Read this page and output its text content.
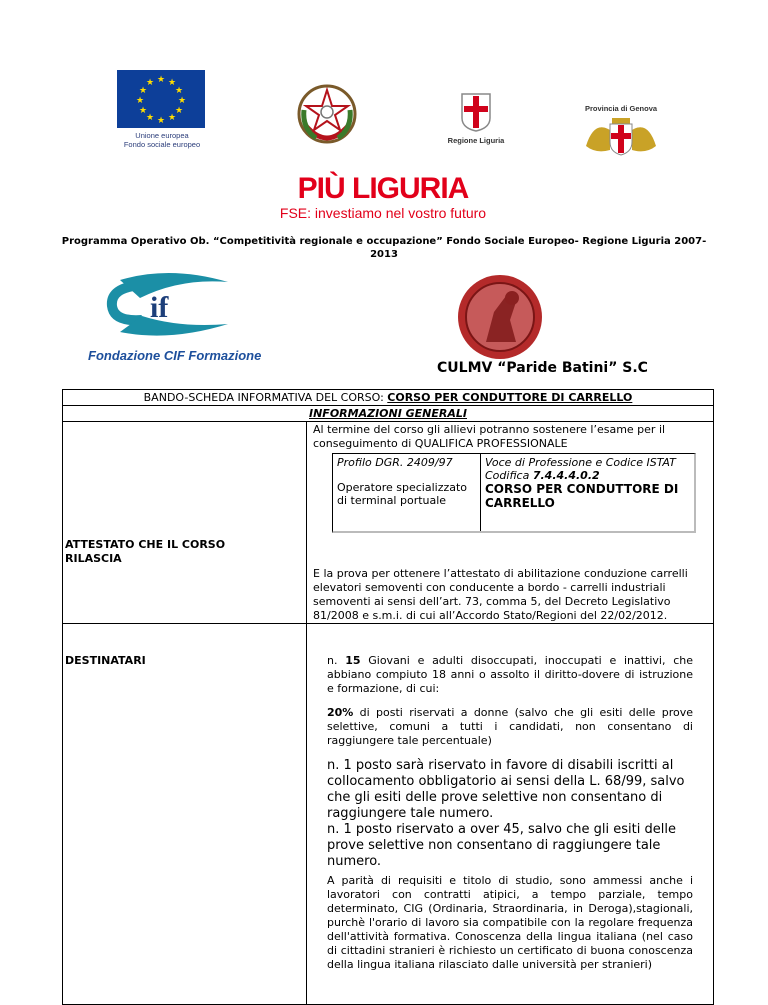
★ ★
★
★
★
★
★
★
★
★
★
★
Unione europea
Fondo sociale europeo	Regione Liguria
Provincia di Genova
PIÙ LIGURIA
FSE: investiamo nel vostro futuro
Programma Operativo Ob. “Competitività regionale e occupazione” Fondo Sociale Europeo- Regione Liguria 2007-2013
if
Fondazione CIF Formazione
CULMV “Paride Batini” S.C
BANDO-SCHEDA INFORMATIVA DEL CORSO: CORSO PER CONDUTTORE DI CARRELLO
INFORMAZIONI GENERALI
ATTESTATO CHE IL CORSO RILASCIA
Al termine del corso gli allievi potranno sostenere l’esame per il conseguimento di QUALIFICA PROFESSIONALE
Profilo DGR. 2409/97
Operatore specializzato di terminal portuale
Voce di Professione e Codice ISTAT
Codifica 7.4.4.4.0.2
CORSO PER CONDUTTORE DI CARRELLO
E la prova per ottenere l’attestato di abilitazione conduzione carrelli elevatori semoventi con conducente a bordo - carrelli industriali semoventi ai sensi dell’art. 73, comma 5, del Decreto Legislativo 81/2008 e s.m.i. di cui all’Accordo Stato/Regioni del 22/02/2012.
DESTINATARI	n. 15 Giovani e adulti disoccupati, inoccupati e inattivi, che abbiano compiuto 18 anni o assolto il diritto-dovere di istruzione e formazione, di cui:
20% di posti riservati a donne (salvo che gli esiti delle prove selettive, comuni a tutti i candidati, non consentano di raggiungere tale percentuale)
n. 1 posto sarà riservato in favore di disabili iscritti al collocamento obbligatorio ai sensi della L. 68/99, salvo che gli esiti delle prove selettive non consentano di raggiungere tale numero.
n. 1 posto riservato a over 45, salvo che gli esiti delle prove selettive non consentano di raggiungere tale numero.
A parità di requisiti e titolo di studio, sono ammessi anche i lavoratori con contratti atipici, a tempo parziale, tempo determinato, CIG (Ordinaria, Straordinaria, in Deroga),stagionali, purchè l'orario di lavoro sia compatibile con la regolare frequenza dell'attività formativa. Conoscenza della lingua italiana (nel caso di cittadini stranieri è richiesto un certificato di buona conoscenza della lingua italiana rilasciato dalle università per stranieri)
